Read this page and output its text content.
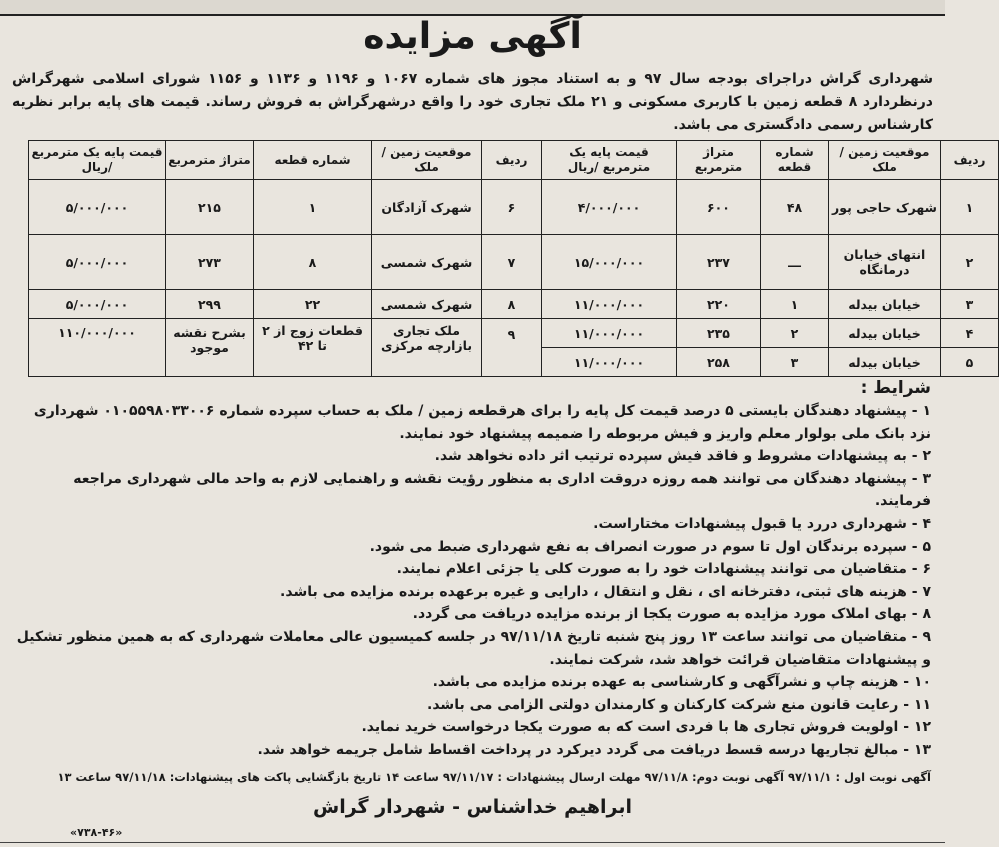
آگهی مزایده
شهرداری گراش دراجرای بودجه سال ۹۷ و به استناد مجوز های شماره ۱۰۶۷ و ۱۱۹۶ و ۱۱۳۶ و ۱۱۵۶ شورای اسلامی شهرگراش درنظردارد ۸ قطعه زمین با کاربری مسکونی و ۲۱ ملک تجاری خود را واقع درشهرگراش به فروش رساند. قیمت های پایه برابر نظریه کارشناس رسمی دادگستری می باشد.
ردیف	موقعیت زمین / ملک	شماره قطعه	متراژ مترمربع	قیمت پایه یک مترمربع /ریال	ردیف	موقعیت زمین / ملک	شماره قطعه	متراژ مترمربع	قیمت پایه یک مترمربع /ریال
۱	شهرک حاجی پور	۴۸	۶۰۰	۴/۰۰۰/۰۰۰	۶	شهرک آزادگان	۱	۲۱۵	۵/۰۰۰/۰۰۰
۲	انتهای خیابان درمانگاه	ـــ	۲۳۷	۱۵/۰۰۰/۰۰۰	۷	شهرک شمسی	۸	۲۷۳	۵/۰۰۰/۰۰۰
۳	خیابان بیدله	۱	۲۲۰	۱۱/۰۰۰/۰۰۰	۸	شهرک شمسی	۲۲	۲۹۹	۵/۰۰۰/۰۰۰
۴	خیابان بیدله	۲	۲۳۵	۱۱/۰۰۰/۰۰۰	۹	ملک تجاری بازارچه مرکزی	قطعات زوج از ۲ تا ۴۲	بشرح نقشه موجود	۱۱۰/۰۰۰/۰۰۰
۵	خیابان بیدله	۳	۲۵۸	۱۱/۰۰۰/۰۰۰					
شرایط :

۱ - پیشنهاد دهندگان بایستی ۵ درصد قیمت کل پایه را برای هرقطعه زمین / ملک به حساب سپرده شماره ۰۱۰۵۵۹۸۰۳۳۰۰۶ شهرداری نزد بانک ملی بولوار معلم واریز و فیش مربوطه را ضمیمه پیشنهاد خود نمایند.

۲ - به پیشنهادات مشروط و فاقد فیش سپرده ترتیب اثر داده نخواهد شد.

۳ - پیشنهاد دهندگان می توانند همه روزه دروقت اداری به منظور رؤیت نقشه و راهنمایی لازم به واحد مالی شهرداری مراجعه فرمایند.

۴ - شهرداری دررد یا قبول پیشنهادات مختاراست.

۵ - سپرده برندگان اول تا سوم در صورت انصراف به نفع شهرداری ضبط می شود.

۶ - متقاضیان می توانند پیشنهادات خود را به صورت کلی یا جزئی اعلام نمایند.

۷ - هزینه های ثبتی، دفترخانه ای ، نقل و انتقال ، دارایی و غیره برعهده برنده مزایده می باشد.

۸ - بهای املاک مورد مزایده به صورت یکجا از برنده مزایده دریافت می گردد.

۹ - متقاضیان می توانند ساعت ۱۳ روز پنج شنبه تاریخ ۹۷/۱۱/۱۸ در جلسه کمیسیون عالی معاملات شهرداری که به همین منظور تشکیل و پیشنهادات متقاضیان قرائت خواهد شد، شرکت نمایند.

۱۰ - هزینه چاپ و نشرآگهی و کارشناسی به عهده برنده مزایده می باشد.

۱۱ - رعایت قانون منع شرکت کارکنان و کارمندان دولتی الزامی می باشد.

۱۲ - اولویت فروش تجاری ها با فردی است که به صورت یکجا درخواست خرید نماید.

۱۳ - مبالغ تجاریها درسه قسط دریافت می گردد دیرکرد در پرداخت اقساط شامل جریمه خواهد شد.

آگهی نوبت اول : ۹۷/۱۱/۱ آگهی نوبت دوم: ۹۷/۱۱/۸ مهلت ارسال پیشنهادات : ۹۷/۱۱/۱۷ ساعت ۱۴ تاریخ بازگشایی پاکت های پیشنهادات: ۹۷/۱۱/۱۸ ساعت ۱۳
ابراهیم خداشناس - شهردار گراش
«۷۳۸-۴۶»
